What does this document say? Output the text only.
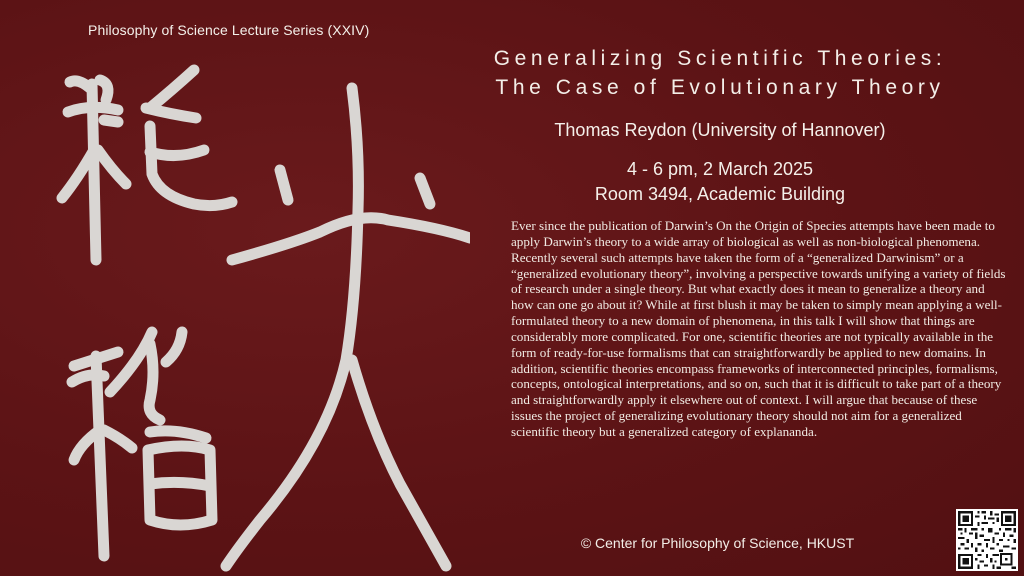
Philosophy of Science Lecture Series (XXIV)
Generalizing Scientific Theories:
The Case of Evolutionary Theory
Thomas Reydon (University of Hannover)
4 - 6 pm, 2 March 2025
Room 3494, Academic Building

Ever since the publication of Darwin’s On the Origin of Species attempts have been made to apply Darwin’s theory to a wide array of biological as well as non-biological phenomena. Recently several such attempts have taken the form of a “generalized Darwinism” or a “generalized evolutionary theory”, involving a perspective towards unifying a variety of fields of research under a single theory. But what exactly does it mean to generalize a theory and how can one go about it? While at first blush it may be taken to simply mean applying a well-formulated theory to a new domain of phenomena, in this talk I will show that things are considerably more complicated. For one, scientific theories are not typically available in the form of ready-for-use formalisms that can straightforwardly be applied to new domains. In addition, scientific theories encompass frameworks of interconnected principles, formalisms, concepts, ontological interpretations, and so on, such that it is difficult to take part of a theory and straightforwardly apply it elsewhere out of context. I will argue that because of these issues the project of generalizing evolutionary theory should not aim for a generalized scientific theory but a generalized category of explananda.

© Center for Philosophy of Science, HKUST
